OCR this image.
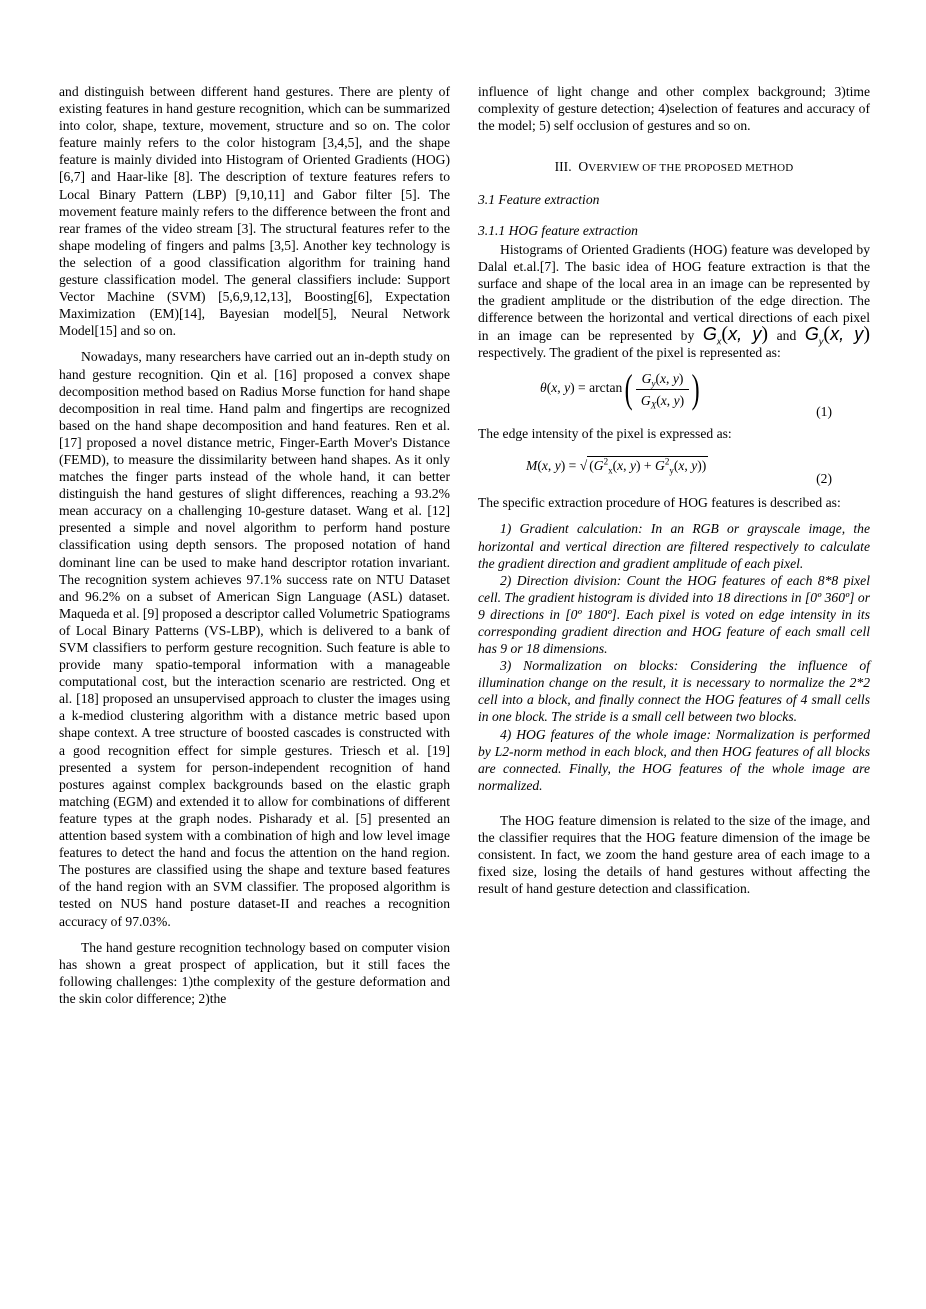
and distinguish between different hand gestures. There are plenty of existing features in hand gesture recognition, which can be summarized into color, shape, texture, movement, structure and so on. The color feature mainly refers to the color histogram [3,4,5], and the shape feature is mainly divided into Histogram of Oriented Gradients (HOG) [6,7] and Haar-like [8]. The description of texture features refers to Local Binary Pattern (LBP) [9,10,11] and Gabor filter [5]. The movement feature mainly refers to the difference between the front and rear frames of the video stream [3]. The structural features refer to the shape modeling of fingers and palms [3,5]. Another key technology is the selection of a good classification algorithm for training hand gesture classification model. The general classifiers include: Support Vector Machine (SVM) [5,6,9,12,13], Boosting[6], Expectation Maximization (EM)[14], Bayesian model[5], Neural Network Model[15] and so on.

Nowadays, many researchers have carried out an in-depth study on hand gesture recognition. Qin et al. [16] proposed a convex shape decomposition method based on Radius Morse function for hand shape decomposition in real time. Hand palm and fingertips are recognized based on the hand shape decomposition and hand features. Ren et al. [17] proposed a novel distance metric, Finger-Earth Mover's Distance (FEMD), to measure the dissimilarity between hand shapes. As it only matches the finger parts instead of the whole hand, it can better distinguish the hand gestures of slight differences, reaching a 93.2% mean accuracy on a challenging 10-gesture dataset. Wang et al. [12] presented a simple and novel algorithm to perform hand posture classification using depth sensors. The proposed notation of hand dominant line can be used to make hand descriptor rotation invariant. The recognition system achieves 97.1% success rate on NTU Dataset and 96.2% on a subset of American Sign Language (ASL) dataset. Maqueda et al. [9] proposed a descriptor called Volumetric Spatiograms of Local Binary Patterns (VS-LBP), which is delivered to a bank of SVM classifiers to perform gesture recognition. Such feature is able to provide many spatio-temporal information with a manageable computational cost, but the interaction scenario are restricted. Ong et al. [18] proposed an unsupervised approach to cluster the images using a k-mediod clustering algorithm with a distance metric based upon shape context. A tree structure of boosted cascades is constructed with a good recognition effect for simple gestures. Triesch et al. [19] presented a system for person-independent recognition of hand postures against complex backgrounds based on the elastic graph matching (EGM) and extended it to allow for combinations of different feature types at the graph nodes. Pisharady et al. [5] presented an attention based system with a combination of high and low level image features to detect the hand and focus the attention on the hand region. The postures are classified using the shape and texture based features of the hand region with an SVM classifier. The proposed algorithm is tested on NUS hand posture dataset-II and reaches a recognition accuracy of 97.03%.

The hand gesture recognition technology based on computer vision has shown a great prospect of application, but it still faces the following challenges: 1)the complexity of the gesture deformation and the skin color difference; 2)the

influence of light change and other complex background; 3)time complexity of gesture detection; 4)selection of features and accuracy of the model; 5) self occlusion of gestures and so on.

III. OVERVIEW OF THE PROPOSED METHOD
3.1 Feature extraction
3.1.1 HOG feature extraction

Histograms of Oriented Gradients (HOG) feature was developed by Dalal et.al.[7]. The basic idea of HOG feature extraction is that the surface and shape of the local area in an image can be represented by the gradient amplitude or the distribution of the edge direction. The difference between the horizontal and vertical directions of each pixel in an image can be represented by $G_x(x$, y) and $G_y(x$, y) respectively. The gradient of the pixel is represented as:

θ(x, $y) = \arctan( \frac{G_y(x, y)}{G_X(x, y)}$ )
(1)

The edge intensity of the pixel is expressed as:

M(x, y) = √ ($G^2_x(x$, $y) + G^2_y(x$, y))
(2)

The specific extraction procedure of HOG features is described as:

1) Gradient calculation: In an RGB or grayscale image, the horizontal and vertical direction are filtered respectively to calculate the gradient direction and gradient amplitude of each pixel.

2) Direction division: Count the HOG features of each 8*8 pixel cell. The gradient histogram is divided into 18 directions in [0º 360º] or 9 directions in [0º 180º]. Each pixel is voted on edge intensity in its corresponding gradient direction and HOG feature of each small cell has 9 or 18 dimensions.

3) Normalization on blocks: Considering the influence of illumination change on the result, it is necessary to normalize the 2*2 cell into a block, and finally connect the HOG features of 4 small cells in one block. The stride is a small cell between two blocks.

4) HOG features of the whole image: Normalization is performed by L2-norm method in each block, and then HOG features of all blocks are connected. Finally, the HOG features of the whole image are normalized.

The HOG feature dimension is related to the size of the image, and the classifier requires that the HOG feature dimension of the image be consistent. In fact, we zoom the hand gesture area of each image to a fixed size, losing the details of hand gestures without affecting the result of hand gesture detection and classification.
